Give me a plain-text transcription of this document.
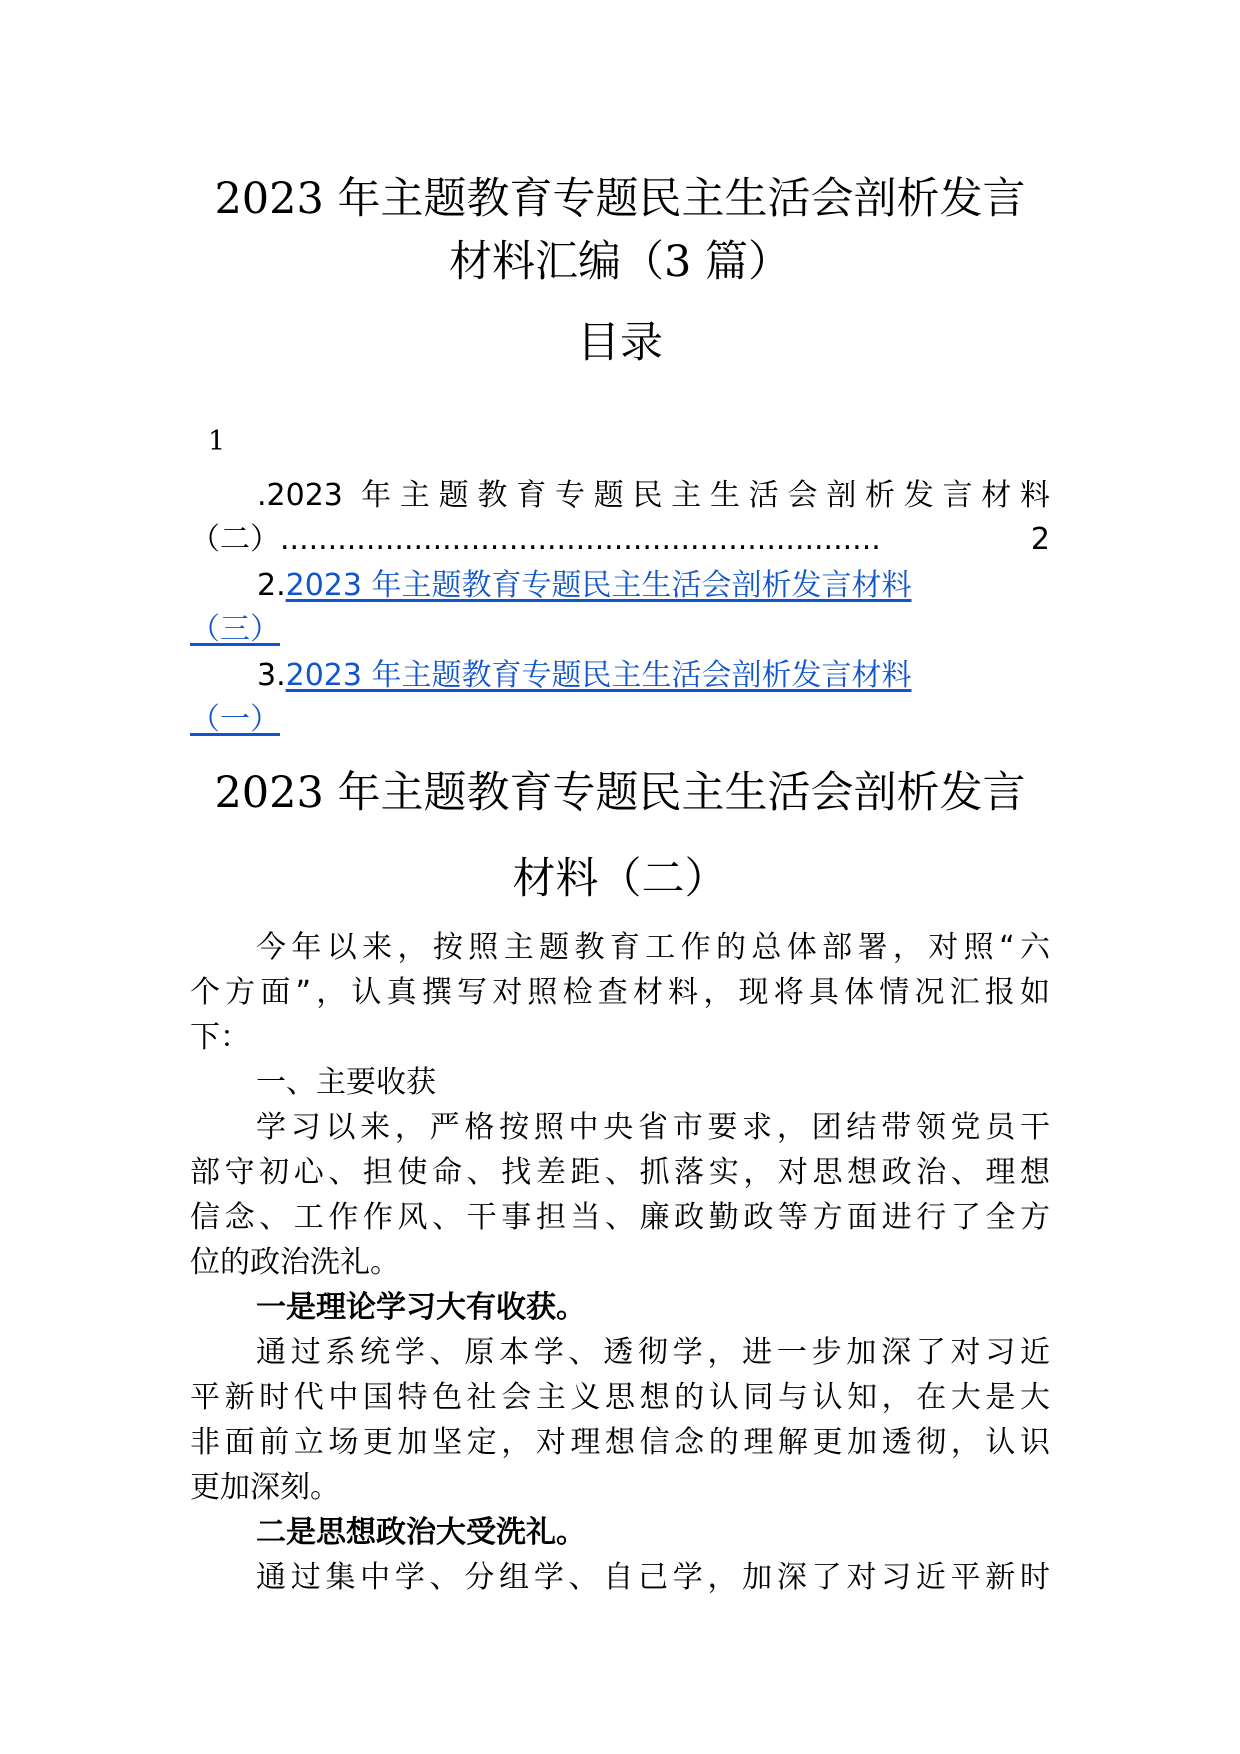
2023 年主题教育专题民主生活会剖析发言
材料汇编（3 篇）
目录
1
.2023 年主题教育专题民主生活会剖析发言材料
（二）...............................................................	2
2.2023 年主题教育专题民主生活会剖析发言材料
（三）
3.2023 年主题教育专题民主生活会剖析发言材料
（一）
2023 年主题教育专题民主生活会剖析发言
材料（二）
今年以来，按照主题教育工作的总体部署，对照“六
个方面”，认真撰写对照检查材料，现将具体情况汇报如
下：
一、主要收获
学习以来，严格按照中央省市要求，团结带领党员干
部守初心、担使命、找差距、抓落实，对思想政治、理想
信念、工作作风、干事担当、廉政勤政等方面进行了全方
位的政治洗礼。
一是理论学习大有收获。
通过系统学、原本学、透彻学，进一步加深了对习近
平新时代中国特色社会主义思想的认同与认知，在大是大
非面前立场更加坚定，对理想信念的理解更加透彻，认识
更加深刻。
二是思想政治大受洗礼。
通过集中学、分组学、自己学，加深了对习近平新时
